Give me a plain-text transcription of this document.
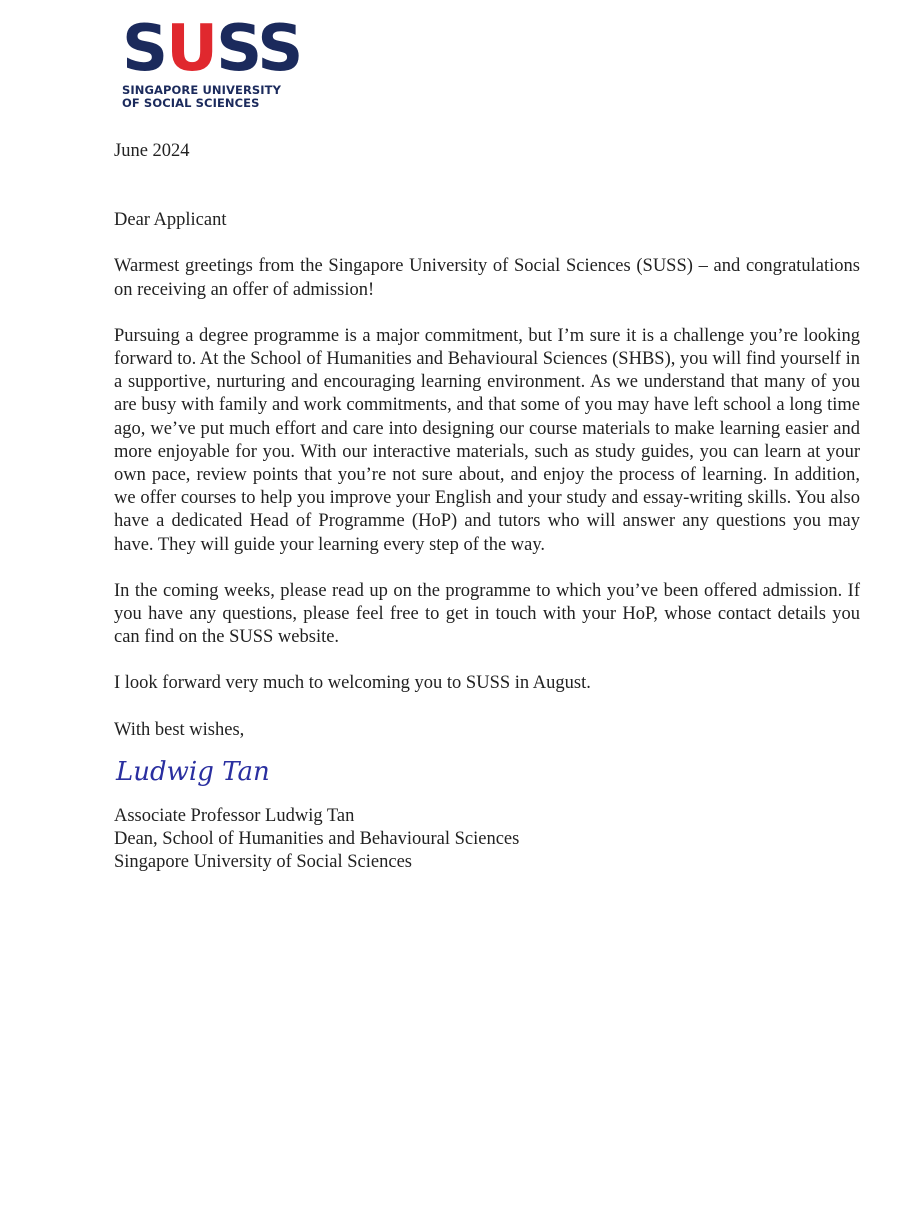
SUSS
SINGAPORE UNIVERSITY
OF SOCIAL SCIENCES

June 2024

Dear Applicant

Warmest greetings from the Singapore University of Social Sciences (SUSS) – and congratulations on receiving an offer of admission!

Pursuing a degree programme is a major commitment, but I’m sure it is a challenge you’re looking forward to. At the School of Humanities and Behavioural Sciences (SHBS), you will find yourself in a supportive, nurturing and encouraging learning environment. As we understand that many of you are busy with family and work commitments, and that some of you may have left school a long time ago, we’ve put much effort and care into designing our course materials to make learning easier and more enjoyable for you. With our interactive materials, such as study guides, you can learn at your own pace, review points that you’re not sure about, and enjoy the process of learning. In addition, we offer courses to help you improve your English and your study and essay-writing skills. You also have a dedicated Head of Programme (HoP) and tutors who will answer any questions you may have. They will guide your learning every step of the way.

In the coming weeks, please read up on the programme to which you’ve been offered admission. If you have any questions, please feel free to get in touch with your HoP, whose contact details you can find on the SUSS website.

I look forward very much to welcoming you to SUSS in August.

With best wishes,

Ludwig Tan

Associate Professor Ludwig Tan

Dean, School of Humanities and Behavioural Sciences

Singapore University of Social Sciences
